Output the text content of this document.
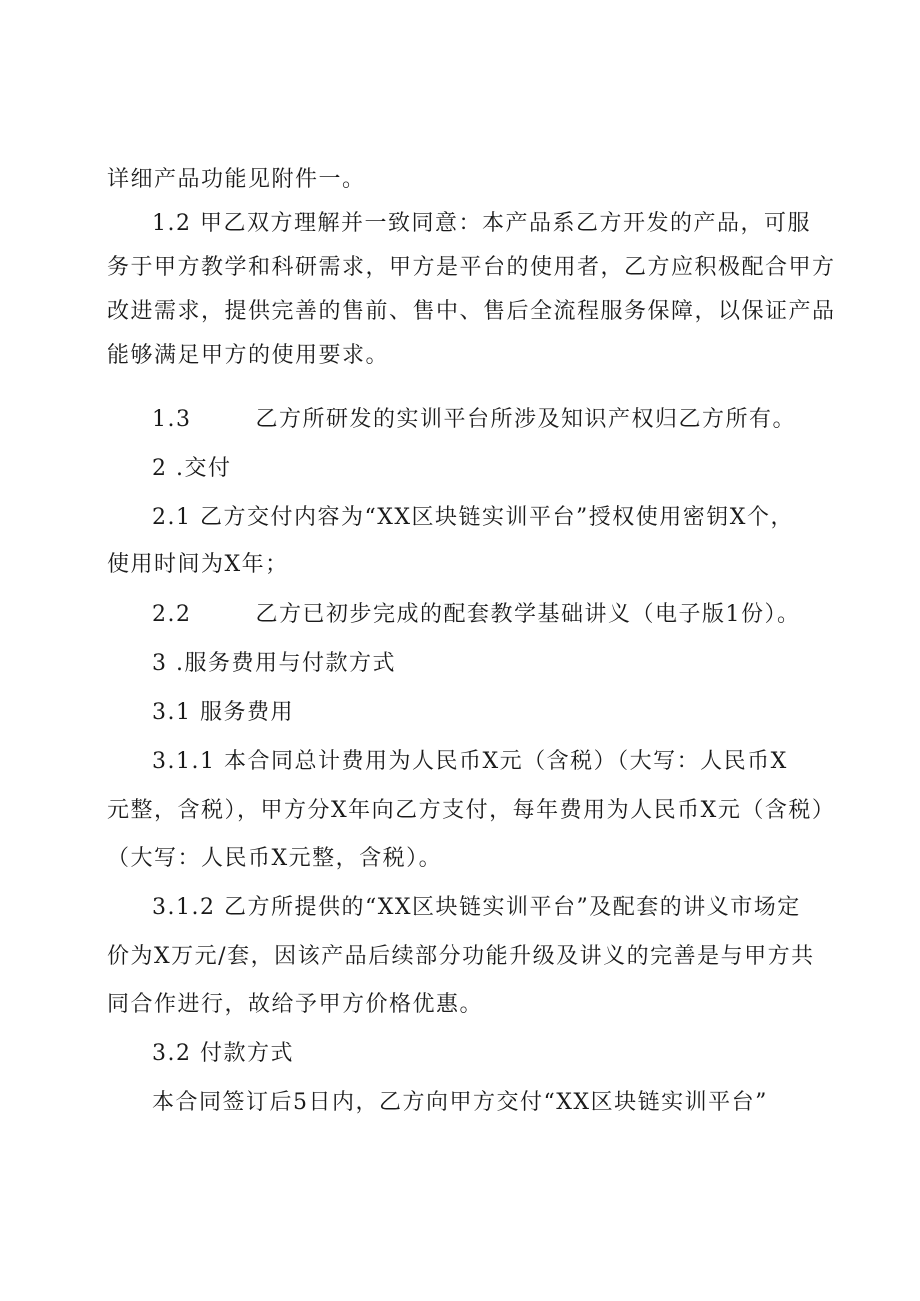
详细产品功能见附件一。
1.2 甲乙双方理解并一致同意：本产品系乙方开发的产品，可服
务于甲方教学和科研需求，甲方是平台的使用者，乙方应积极配合甲方
改进需求，提供完善的售前、售中、售后全流程服务保障，以保证产品
能够满足甲方的使用要求。
1.3	乙方所研发的实训平台所涉及知识产权归乙方所有。
2 .交付
2.1 乙方交付内容为“XX区块链实训平台”授权使用密钥X个，
使用时间为X年；
2.2	乙方已初步完成的配套教学基础讲义（电子版1份）。
3 .服务费用与付款方式
3.1 服务费用
3.1.1 本合同总计费用为人民币X元（含税）（大写：人民币X
元整，含税），甲方分X年向乙方支付，每年费用为人民币X元（含税）
（大写：人民币X元整，含税）。
3.1.2 乙方所提供的“XX区块链实训平台”及配套的讲义市场定
价为X万元/套，因该产品后续部分功能升级及讲义的完善是与甲方共
同合作进行，故给予甲方价格优惠。
3.2 付款方式
本合同签订后5日内，乙方向甲方交付“XX区块链实训平台”
